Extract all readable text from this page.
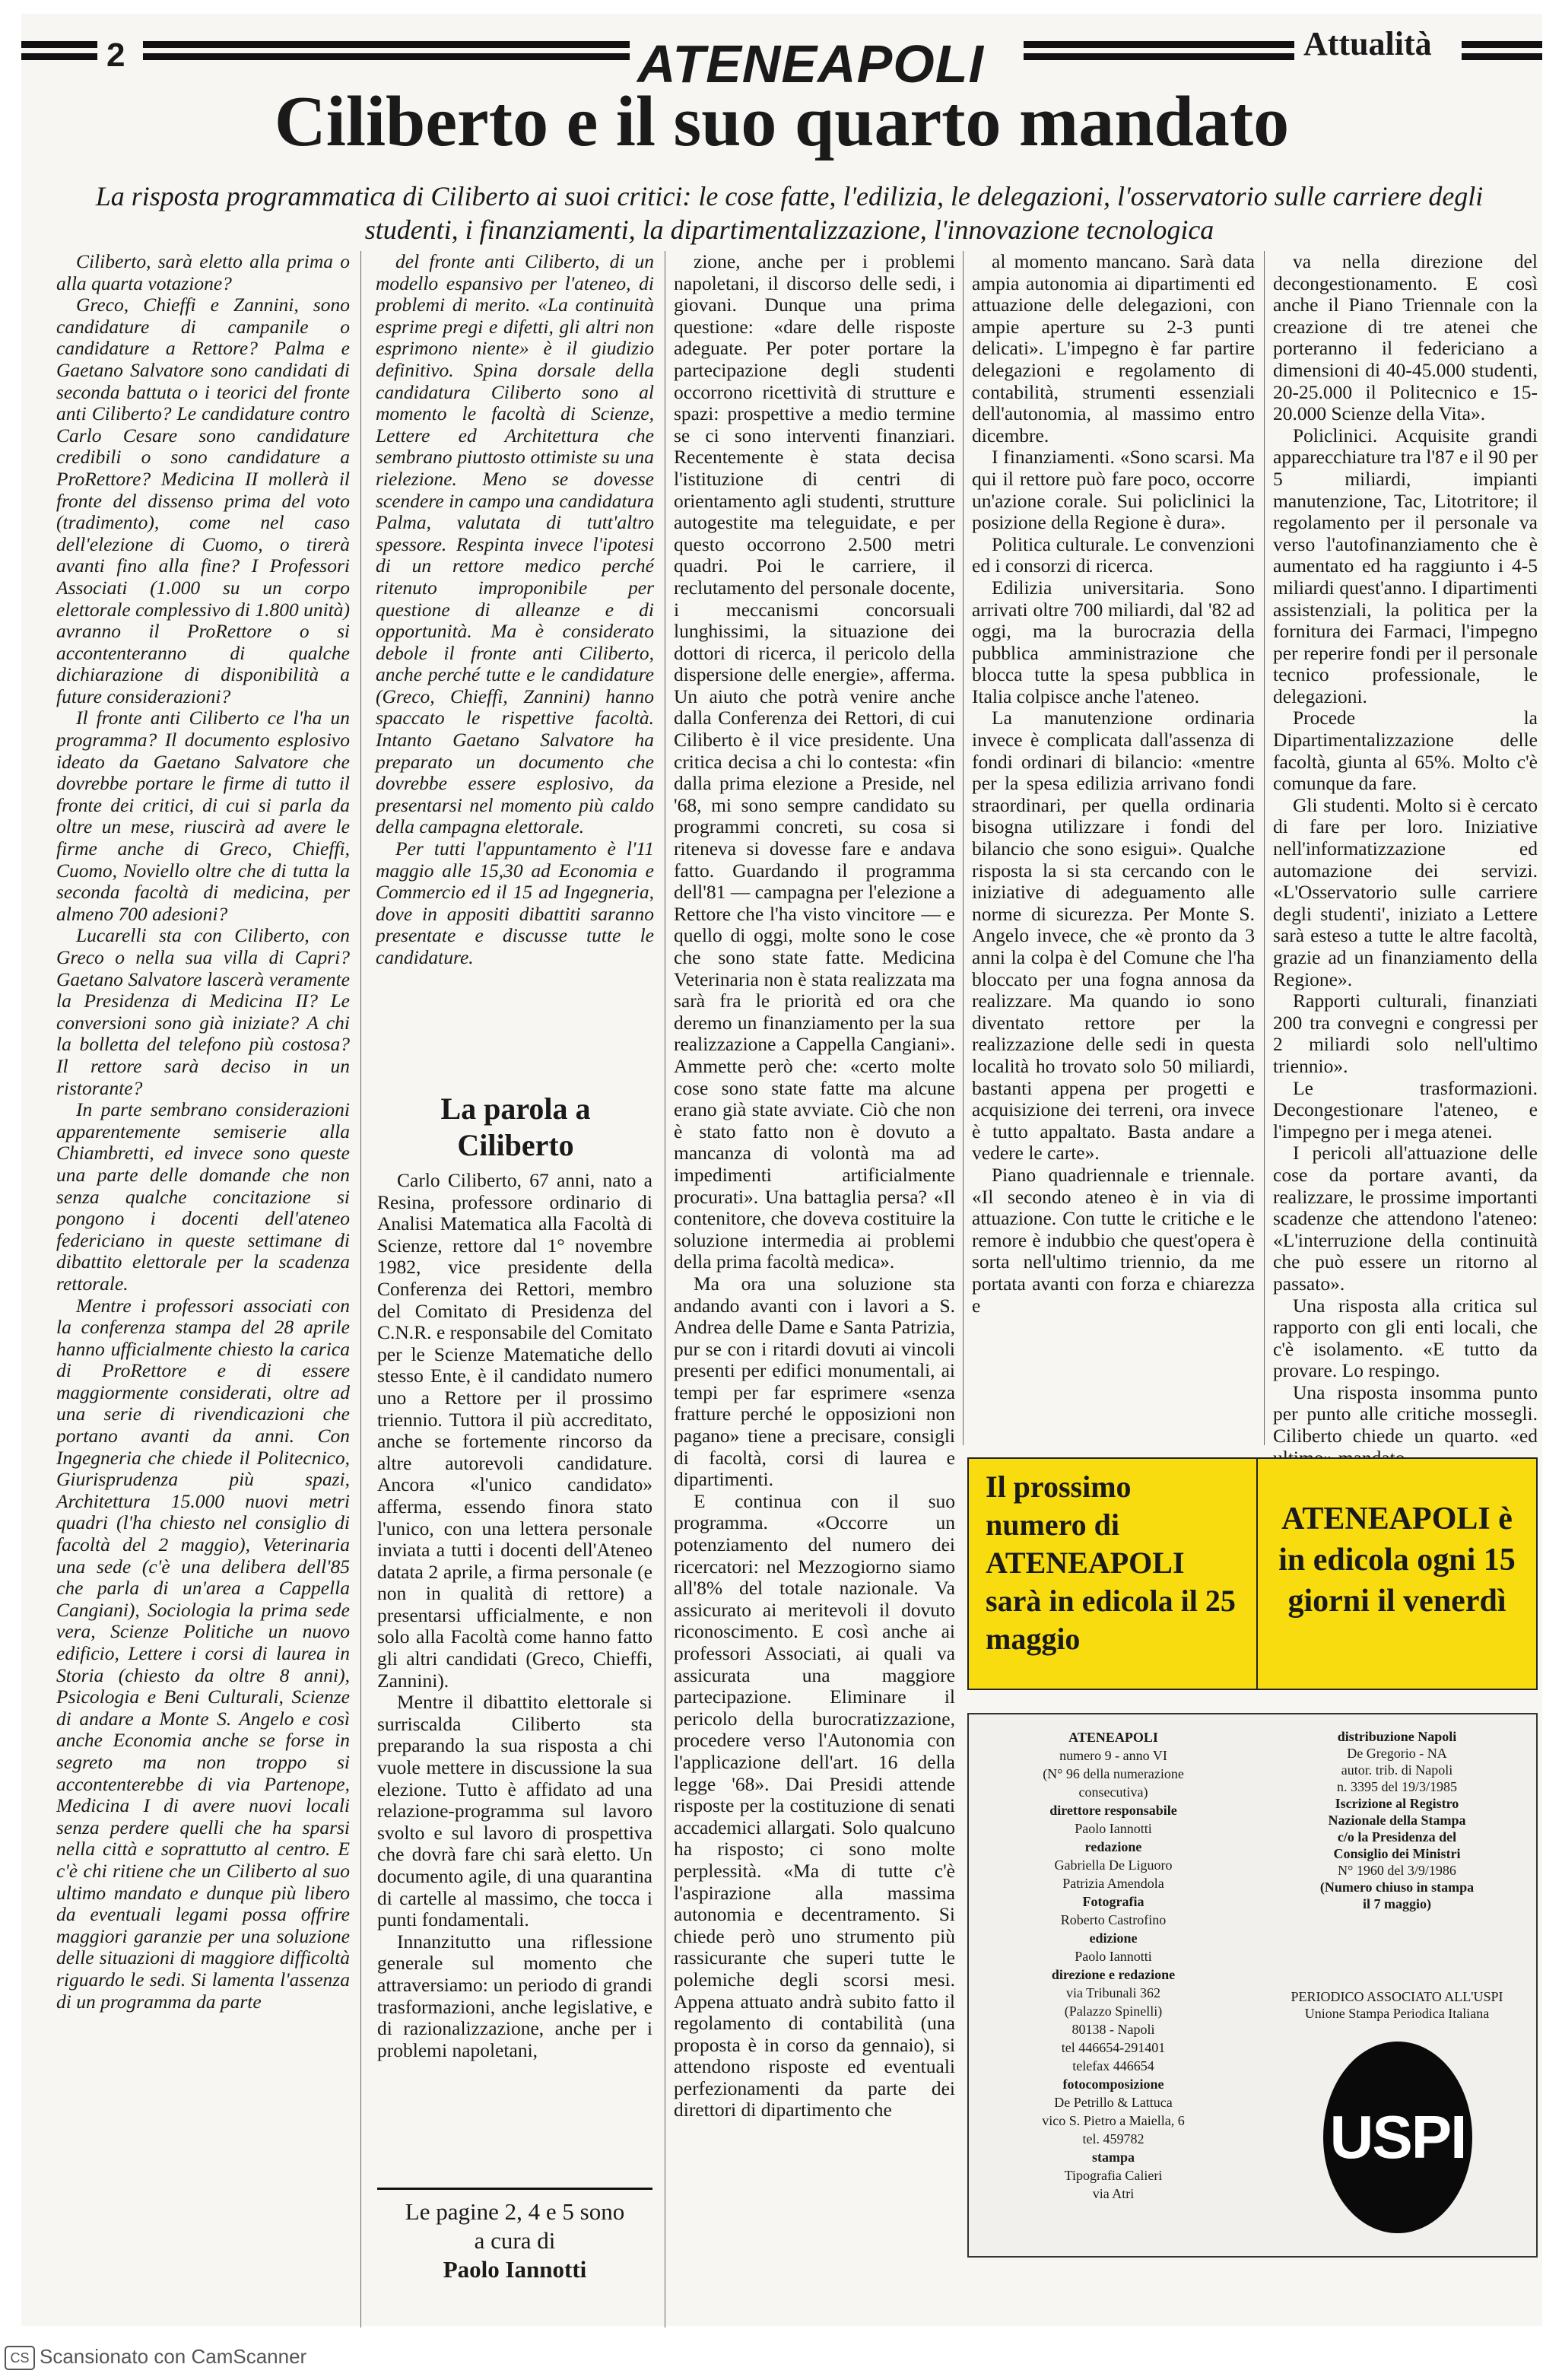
2	ATENEAPOLI	Attualità
Ciliberto e il suo quarto mandato
La risposta programmatica di Ciliberto ai suoi critici: le cose fatte, l'edilizia, le delegazioni, l'osservatorio sulle carriere degli studenti, i finanziamenti, la dipartimentalizzazione, l'innovazione tecnologica

Ciliberto, sarà eletto alla prima o alla quarta votazione?

Greco, Chieffi e Zannini, sono candidature di campanile o candidature a Rettore? Palma e Gaetano Salvatore sono candidati di seconda battuta o i teorici del fronte anti Ciliberto? Le candidature contro Carlo Cesare sono candidature credibili o sono candidature a ProRettore? Medicina II mollerà il fronte del dissenso prima del voto (tradimento), come nel caso dell'elezione di Cuomo, o tirerà avanti fino alla fine? I Professori Associati (1.000 su un corpo elettorale complessivo di 1.800 unità) avranno il ProRettore o si accontenteranno di qualche dichiarazione di disponibilità a future considerazioni?

Il fronte anti Ciliberto ce l'ha un programma? Il documento esplosivo ideato da Gaetano Salvatore che dovrebbe portare le firme di tutto il fronte dei critici, di cui si parla da oltre un mese, riuscirà ad avere le firme anche di Greco, Chieffi, Cuomo, Noviello oltre che di tutta la seconda facoltà di medicina, per almeno 700 adesioni?

Lucarelli sta con Ciliberto, con Greco o nella sua villa di Capri? Gaetano Salvatore lascerà veramente la Presidenza di Medicina II? Le conversioni sono già iniziate? A chi la bolletta del telefono più costosa? Il rettore sarà deciso in un ristorante?

In parte sembrano considerazioni apparentemente semiserie alla Chiambretti, ed invece sono queste una parte delle domande che non senza qualche concitazione si pongono i docenti dell'ateneo federiciano in queste settimane di dibattito elettorale per la scadenza rettorale.

Mentre i professori associati con la conferenza stampa del 28 aprile hanno ufficialmente chiesto la carica di ProRettore e di essere maggiormente considerati, oltre ad una serie di rivendicazioni che portano avanti da anni. Con Ingegneria che chiede il Politecnico, Giurisprudenza più spazi, Architettura 15.000 nuovi metri quadri (l'ha chiesto nel consiglio di facoltà del 2 maggio), Veterinaria una sede (c'è una delibera dell'85 che parla di un'area a Cappella Cangiani), Sociologia la prima sede vera, Scienze Politiche un nuovo edificio, Lettere i corsi di laurea in Storia (chiesto da oltre 8 anni), Psicologia e Beni Culturali, Scienze di andare a Monte S. Angelo e così anche Economia anche se forse in segreto ma non troppo si accontenterebbe di via Partenope, Medicina I di avere nuovi locali senza perdere quelli che ha sparsi nella città e soprattutto al centro. E c'è chi ritiene che un Ciliberto al suo ultimo mandato e dunque più libero da eventuali legami possa offrire maggiori garanzie per una soluzione delle situazioni di maggiore difficoltà riguardo le sedi. Si lamenta l'assenza di un programma da parte

del fronte anti Ciliberto, di un modello espansivo per l'ateneo, di problemi di merito. «La continuità esprime pregi e difetti, gli altri non esprimono niente» è il giudizio definitivo. Spina dorsale della candidatura Ciliberto sono al momento le facoltà di Scienze, Lettere ed Architettura che sembrano piuttosto ottimiste su una rielezione. Meno se dovesse scendere in campo una candidatura Palma, valutata di tutt'altro spessore. Respinta invece l'ipotesi di un rettore medico perché ritenuto improponibile per questione di alleanze e di opportunità. Ma è considerato debole il fronte anti Ciliberto, anche perché tutte e le candidature (Greco, Chieffi, Zannini) hanno spaccato le rispettive facoltà. Intanto Gaetano Salvatore ha preparato un documento che dovrebbe essere esplosivo, da presentarsi nel momento più caldo della campagna elettorale.

Per tutti l'appuntamento è l'11 maggio alle 15,30 ad Economia e Commercio ed il 15 ad Ingegneria, dove in appositi dibattiti saranno presentate e discusse tutte le candidature.

La parola a Ciliberto

Carlo Ciliberto, 67 anni, nato a Resina, professore ordinario di Analisi Matematica alla Facoltà di Scienze, rettore dal 1° novembre 1982, vice presidente della Conferenza dei Rettori, membro del Comitato di Presidenza del C.N.R. e responsabile del Comitato per le Scienze Matematiche dello stesso Ente, è il candidato numero uno a Rettore per il prossimo triennio. Tuttora il più accreditato, anche se fortemente rincorso da altre autorevoli candidature. Ancora «l'unico candidato» afferma, essendo finora stato l'unico, con una lettera personale inviata a tutti i docenti dell'Ateneo datata 2 aprile, a firma personale (e non in qualità di rettore) a presentarsi ufficialmente, e non solo alla Facoltà come hanno fatto gli altri candidati (Greco, Chieffi, Zannini).

Mentre il dibattito elettorale si surriscalda Ciliberto sta preparando la sua risposta a chi vuole mettere in discussione la sua elezione. Tutto è affidato ad una relazione-programma sul lavoro svolto e sul lavoro di prospettiva che dovrà fare chi sarà eletto. Un documento agile, di una quarantina di cartelle al massimo, che tocca i punti fondamentali.

Innanzitutto una riflessione generale sul momento che attraversiamo: un periodo di grandi trasformazioni, anche legislative, e di razionalizzazione, anche per i problemi napoletani,

Le pagine 2, 4 e 5 sono
a cura di
Paolo Iannotti

zione, anche per i problemi napoletani, il discorso delle sedi, i giovani. Dunque una prima questione: «dare delle risposte adeguate. Per poter portare la partecipazione degli studenti occorrono ricettività di strutture e spazi: prospettive a medio termine se ci sono interventi finanziari. Recentemente è stata decisa l'istituzione di centri di orientamento agli studenti, strutture autogestite ma teleguidate, e per questo occorrono 2.500 metri quadri. Poi le carriere, il reclutamento del personale docente, i meccanismi concorsuali lunghissimi, la situazione dei dottori di ricerca, il pericolo della dispersione delle energie», afferma. Un aiuto che potrà venire anche dalla Conferenza dei Rettori, di cui Ciliberto è il vice presidente. Una critica decisa a chi lo contesta: «fin dalla prima elezione a Preside, nel '68, mi sono sempre candidato su programmi concreti, su cosa si riteneva si dovesse fare e andava fatto. Guardando il programma dell'81 — campagna per l'elezione a Rettore che l'ha visto vincitore — e quello di oggi, molte sono le cose che sono state fatte. Medicina Veterinaria non è stata realizzata ma sarà fra le priorità ed ora che deremo un finanziamento per la sua realizzazione a Cappella Cangiani». Ammette però che: «certo molte cose sono state fatte ma alcune erano già state avviate. Ciò che non è stato fatto non è dovuto a mancanza di volontà ma ad impedimenti artificialmente procurati». Una battaglia persa? «Il contenitore, che doveva costituire la soluzione intermedia ai problemi della prima facoltà medica».

Ma ora una soluzione sta andando avanti con i lavori a S. Andrea delle Dame e Santa Patrizia, pur se con i ritardi dovuti ai vincoli presenti per edifici monumentali, ai tempi per far esprimere «senza fratture perché le opposizioni non pagano» tiene a precisare, consigli di facoltà, corsi di laurea e dipartimenti.

E continua con il suo programma. «Occorre un potenziamento del numero dei ricercatori: nel Mezzogiorno siamo all'8% del totale nazionale. Va assicurato ai meritevoli il dovuto riconoscimento. E così anche ai professori Associati, ai quali va assicurata una maggiore partecipazione. Eliminare il pericolo della burocratizzazione, procedere verso l'Autonomia con l'applicazione dell'art. 16 della legge '68». Dai Presidi attende risposte per la costituzione di senati accademici allargati. Solo qualcuno ha risposto; ci sono molte perplessità. «Ma di tutte c'è l'aspirazione alla massima autonomia e decentramento. Si chiede però uno strumento più rassicurante che superi tutte le polemiche degli scorsi mesi. Appena attuato andrà subito fatto il regolamento di contabilità (una proposta è in corso da gennaio), si attendono risposte ed eventuali perfezionamenti da parte dei direttori di dipartimento che

al momento mancano. Sarà data ampia autonomia ai dipartimenti ed attuazione delle delegazioni, con ampie aperture su 2-3 punti delicati». L'impegno è far partire delegazioni e regolamento di contabilità, strumenti essenziali dell'autonomia, al massimo entro dicembre.

I finanziamenti. «Sono scarsi. Ma qui il rettore può fare poco, occorre un'azione corale. Sui policlinici la posizione della Regione è dura».

Politica culturale. Le convenzioni ed i consorzi di ricerca.

Edilizia universitaria. Sono arrivati oltre 700 miliardi, dal '82 ad oggi, ma la burocrazia della pubblica amministrazione che blocca tutte la spesa pubblica in Italia colpisce anche l'ateneo.

La manutenzione ordinaria invece è complicata dall'assenza di fondi ordinari di bilancio: «mentre per la spesa edilizia arrivano fondi straordinari, per quella ordinaria bisogna utilizzare i fondi del bilancio che sono esigui». Qualche risposta la si sta cercando con le iniziative di adeguamento alle norme di sicurezza. Per Monte S. Angelo invece, che «è pronto da 3 anni la colpa è del Comune che l'ha bloccato per una fogna annosa da realizzare. Ma quando io sono diventato rettore per la realizzazione delle sedi in questa località ho trovato solo 50 miliardi, bastanti appena per progetti e acquisizione dei terreni, ora invece è tutto appaltato. Basta andare a vedere le carte».

Piano quadriennale e triennale. «Il secondo ateneo è in via di attuazione. Con tutte le critiche e le remore è indubbio che quest'opera è sorta nell'ultimo triennio, da me portata avanti con forza e chiarezza e

va nella direzione del decongestionamento. E così anche il Piano Triennale con la creazione di tre atenei che porteranno il federiciano a dimensioni di 40-45.000 studenti, 20-25.000 il Politecnico e 15-20.000 Scienze della Vita».

Policlinici. Acquisite grandi apparecchiature tra l'87 e il 90 per 5 miliardi, impianti manutenzione, Tac, Litotritore; il regolamento per il personale va verso l'autofinanziamento che è aumentato ed ha raggiunto i 4-5 miliardi quest'anno. I dipartimenti assistenziali, la politica per la fornitura dei Farmaci, l'impegno per reperire fondi per il personale tecnico professionale, le delegazioni.

Procede la Dipartimentalizzazione delle facoltà, giunta al 65%. Molto c'è comunque da fare.

Gli studenti. Molto si è cercato di fare per loro. Iniziative nell'informatizzazione ed automazione dei servizi. «L'Osservatorio sulle carriere degli studenti', iniziato a Lettere sarà esteso a tutte le altre facoltà, grazie ad un finanziamento della Regione».

Rapporti culturali, finanziati 200 tra convegni e congressi per 2 miliardi solo nell'ultimo triennio».

Le trasformazioni. Decongestionare l'ateneo, e l'impegno per i mega atenei.

I pericoli all'attuazione delle cose da portare avanti, da realizzare, le prossime importanti scadenze che attendono l'ateneo: «L'interruzione della continuità che può essere un ritorno al passato».

Una risposta alla critica sul rapporto con gli enti locali, che c'è isolamento. «E tutto da provare. Lo respingo.

Una risposta insomma punto per punto alle critiche mossegli. Ciliberto chiede un quarto. «ed

Il prossimo numero di ATENEAPOLI sarà in edicola il 25 maggio
ATENEAPOLI è in edicola ogni 15 giorni il venerdì
ATENEAPOLI
numero 9 - anno VI
(N° 96 della numerazione
consecutiva)
direttore responsabile
Paolo Iannotti
redazione
Gabriella De Liguoro
Patrizia Amendola
Fotografia
Roberto Castrofino
edizione
Paolo Iannotti
direzione e redazione
via Tribunali 362
(Palazzo Spinelli)
80138 - Napoli
tel 446654-291401
telefax 446654
fotocomposizione
De Petrillo & Lattuca
vico S. Pietro a Maiella, 6
tel. 459782
stampa
Tipografia Calieri
via Atri
distribuzione Napoli
De Gregorio - NA
autor. trib. di Napoli
n. 3395 del 19/3/1985
Iscrizione al Registro
Nazionale della Stampa
c/o la Presidenza del
Consiglio dei Ministri
N° 1960 del 3/9/1986
(Numero chiuso in stampa
il 7 maggio)
PERIODICO ASSOCIATO ALL'USPI
Unione Stampa Periodica Italiana
USPI
CS Scansionato con CamScanner
